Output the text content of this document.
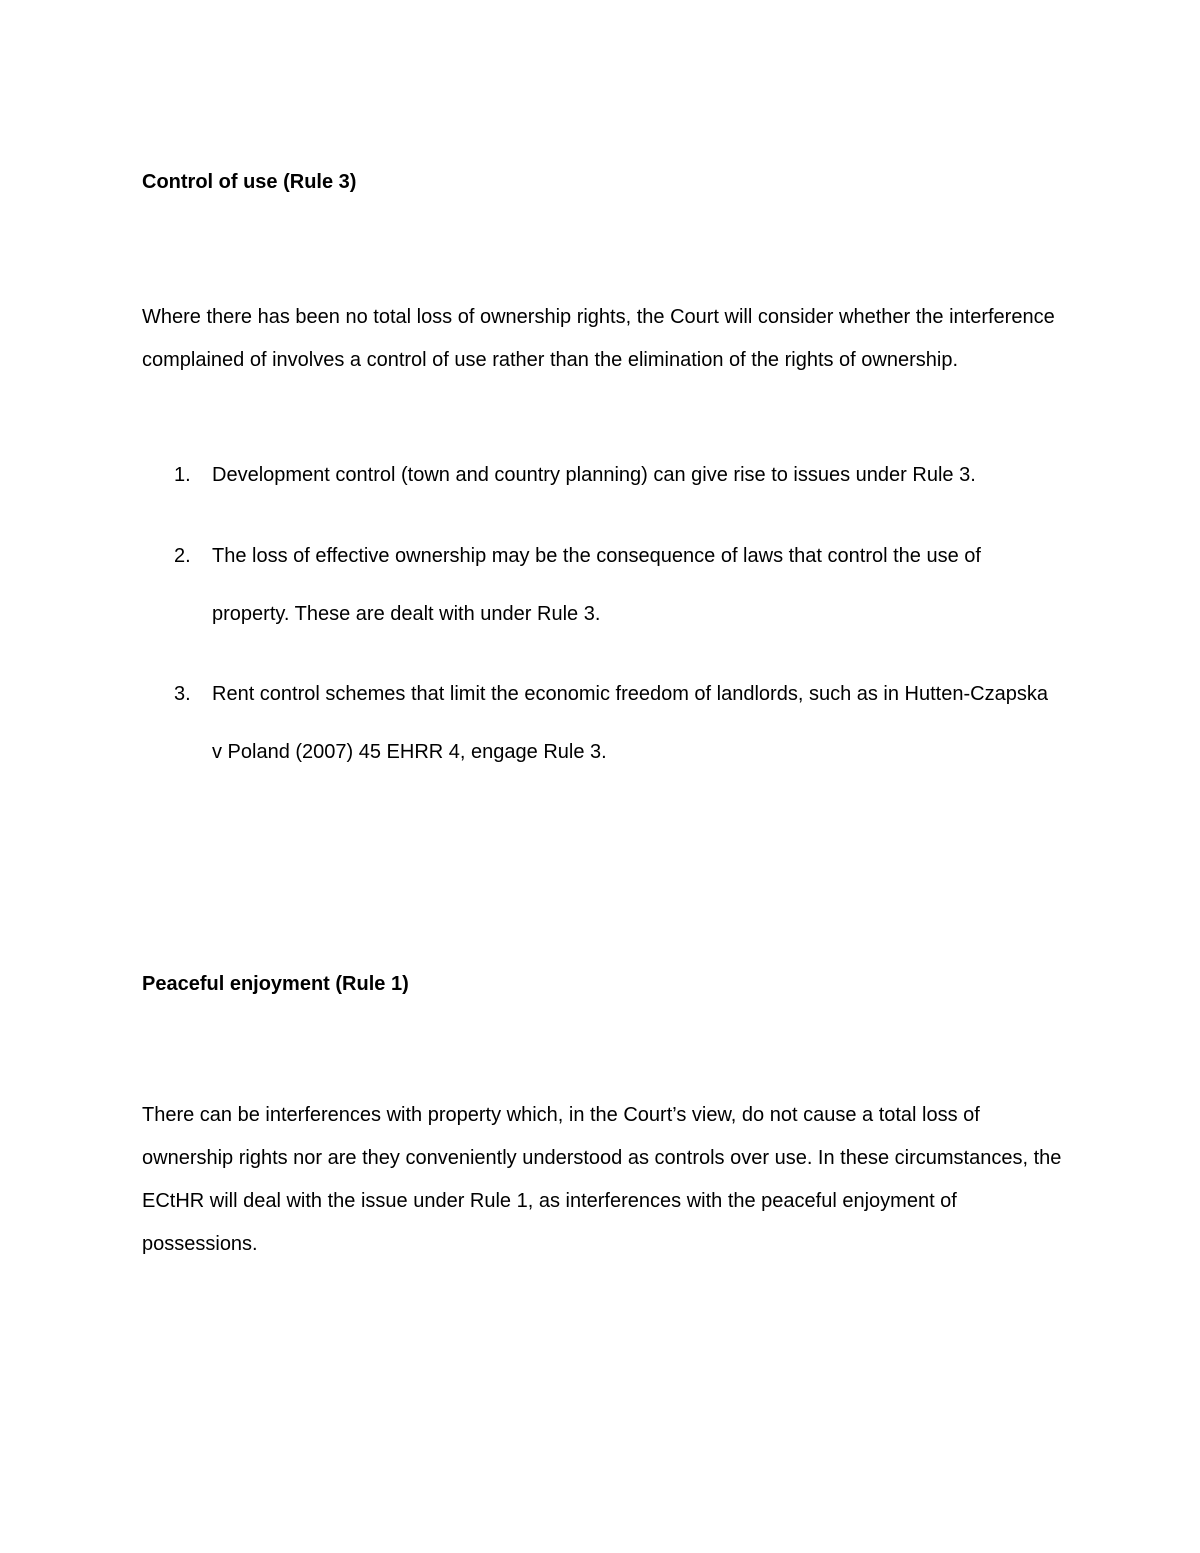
Control of use (Rule 3)

Where there has been no total loss of ownership rights, the Court will consider whether the interference complained of involves a control of use rather than the elimination of the rights of ownership.

1. Development control (town and country planning) can give rise to issues under Rule 3.
2. The loss of effective ownership may be the consequence of laws that control the use of property. These are dealt with under Rule 3.
3. Rent control schemes that limit the economic freedom of landlords, such as in Hutten-Czapska v Poland (2007) 45 EHRR 4, engage Rule 3.
Peaceful enjoyment (Rule 1)

There can be interferences with property which, in the Court’s view, do not cause a total loss of ownership rights nor are they conveniently understood as controls over use. In these circumstances, the ECtHR will deal with the issue under Rule 1, as interferences with the peaceful enjoyment of possessions.
